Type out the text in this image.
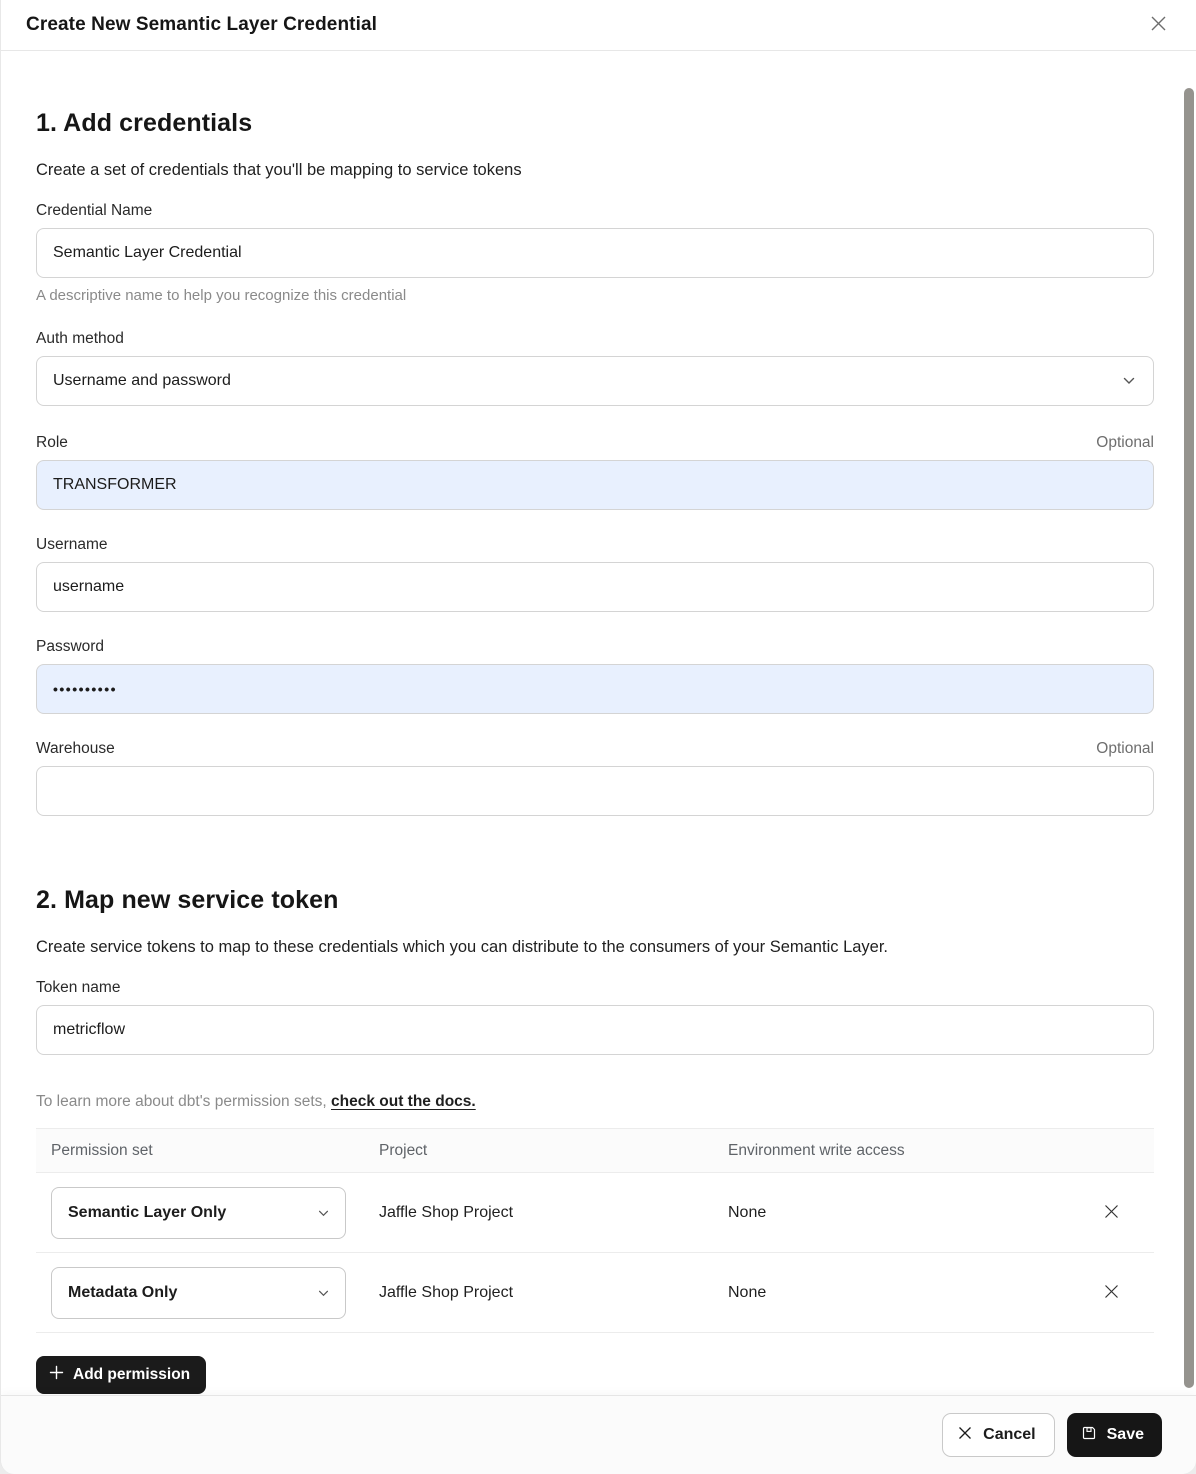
Create New Semantic Layer Credential
1. Add credentials

Create a set of credentials that you'll be mapping to service tokens

Credential Name
Semantic Layer Credential
A descriptive name to help you recognize this credential
Auth method
Username and password
Role	Optional
TRANSFORMER
Username
username
Password
••••••••••
Warehouse	Optional
2. Map new service token

Create service tokens to map to these credentials which you can distribute to the consumers of your Semantic Layer.

Token name
metricflow
To learn more about dbt's permission sets, check out the docs.
Permission set	Project	Environment write access
Semantic Layer Only	Jaffle Shop Project	None
Metadata Only	Jaffle Shop Project	None
Add permission
Cancel	Save
